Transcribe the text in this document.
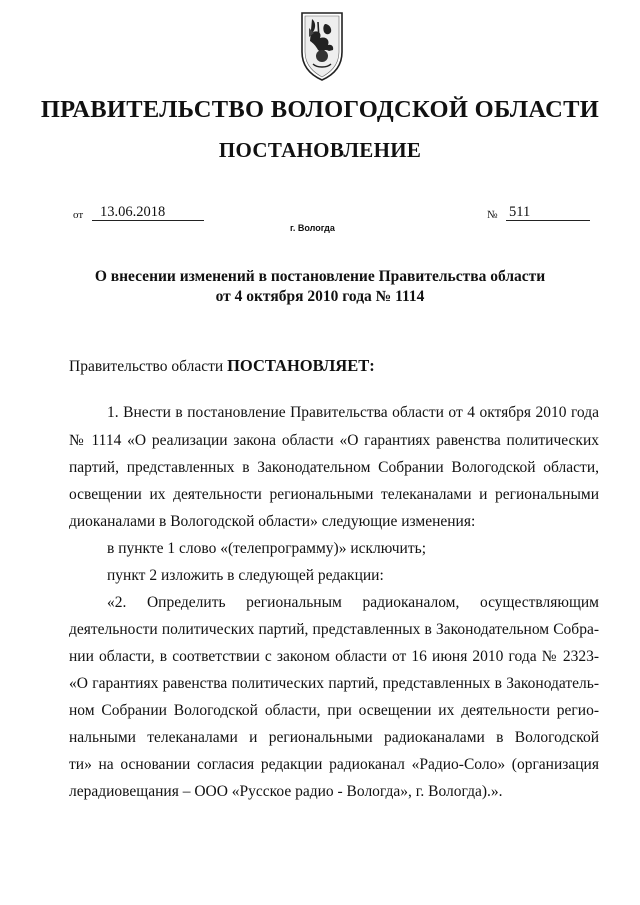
ПРАВИТЕЛЬСТВО ВОЛОГОДСКОЙ ОБЛАСТИ
ПОСТАНОВЛЕНИЕ
от	13.06.2018	№ 511
г. Вологда
О внесении изменений в постановление Правительства области
от 4 октября 2010 года № 1114
Правительство области ПОСТАНОВЛЯЕТ:
1. Внести в постановление Правительства области от 4 октября 2010 года
№ 1114 «О реализации закона области «О гарантиях равенства политических
партий, представленных в Законодательном Собрании Вологодской области,
освещении их деятельности региональными телеканалами и региональными
диоканалами в Вологодской области» следующие изменения:
в пункте 1 слово «(телепрограмму)» исключить;
пункт 2 изложить в следующей редакции:
«2. Определить региональным радиоканалом, осуществляющим
деятельности политических партий, представленных в Законодательном Собра-
нии области, в соответствии с законом области от 16 июня 2010 года № 2323-
«О гарантиях равенства политических партий, представленных в Законодатель-
ном Собрании Вологодской области, при освещении их деятельности регио-
нальными телеканалами и региональными радиоканалами в Вологодской
ти» на основании согласия редакции радиоканал «Радио-Соло» (организация
лерадиовещания – ООО «Русское радио - Вологда», г. Вологда).».
